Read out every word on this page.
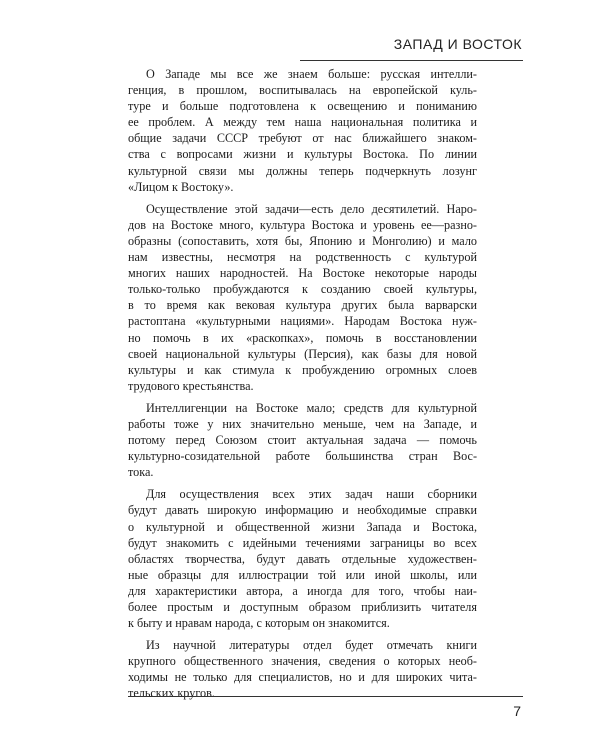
ЗАПАД И ВОСТОК
О Западе мы все же знаем больше: русская интелли-
генция, в прошлом, воспитывалась на европейской куль-
туре и больше подготовлена к освещению и пониманию
ее проблем. А между тем наша национальная политика и
общие задачи СССР требуют от нас ближайшего знаком-
ства с вопросами жизни и культуры Востока. По линии
культурной связи мы должны теперь подчеркнуть лозунг
«Лицом к Востоку».
Осуществление этой задачи—есть дело десятилетий. Наро-
дов на Востоке много, культура Востока и уровень ее—разно-
образны (сопоставить, хотя бы, Японию и Монголию) и мало
нам известны, несмотря на родственность с культурой
многих наших народностей. На Востоке некоторые народы
только-только пробуждаются к созданию своей культуры,
в то время как вековая культура других была варварски
растоптана «культурными нациями». Народам Востока нуж-
но помочь в их «раскопках», помочь в восстановлении
своей национальной культуры (Персия), как базы для новой
культуры и как стимула к пробуждению огромных слоев
трудового крестьянства.
Интеллигенции на Востоке мало; средств для культурной
работы тоже у них значительно меньше, чем на Западе, и
потому перед Союзом стоит актуальная задача — помочь
культурно-созидательной работе большинства стран Вос-
тока.
Для осуществления всех этих задач наши сборники
будут давать широкую информацию и необходимые справки
о культурной и общественной жизни Запада и Востока,
будут знакомить с идейными течениями заграницы во всех
областях творчества, будут давать отдельные художествен-
ные образцы для иллюстрации той или иной школы, или
для характеристики автора, а иногда для того, чтобы наи-
более простым и доступным образом приблизить читателя
к быту и нравам народа, с которым он знакомится.
Из научной литературы отдел будет отмечать книги
крупного общественного значения, сведения о которых необ-
ходимы не только для специалистов, но и для широких чита-
тельских кругов.
7
